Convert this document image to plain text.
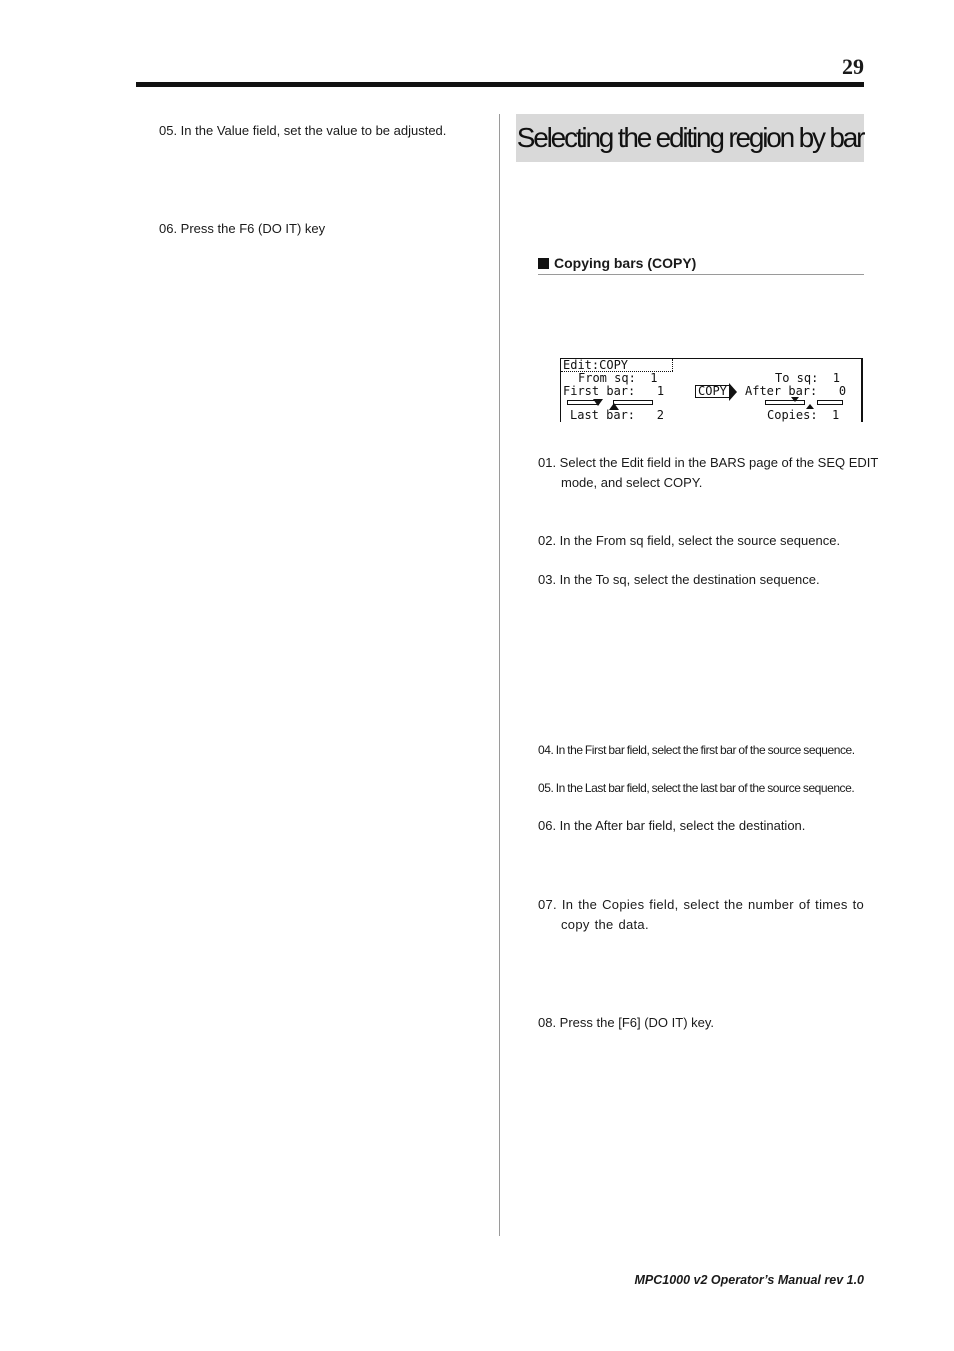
29

05. In the Value field, set the value to be adjusted.

06. Press the F6 (DO IT) key

Selecting the editing region by bar
Copying bars (COPY)
Edit:COPY
From sq:  1
First bar:   1
Last bar:   2
COPY
To sq:  1
After bar:   0
Copies:  1

01. Select the Edit field in the BARS page of the SEQ EDIT mode, and select COPY.

02. In the From sq field, select the source sequence.

03. In the To sq, select the destination sequence.

04. In the First bar field, select the first bar of the source sequence.

05. In the Last bar field, select the last bar of the source sequence.

06. In the After bar field, select the destination.

07. In the Copies field, select the number of times to copy the data.

08. Press the [F6] (DO IT) key.

MPC1000 v2 Operator’s Manual rev 1.0
